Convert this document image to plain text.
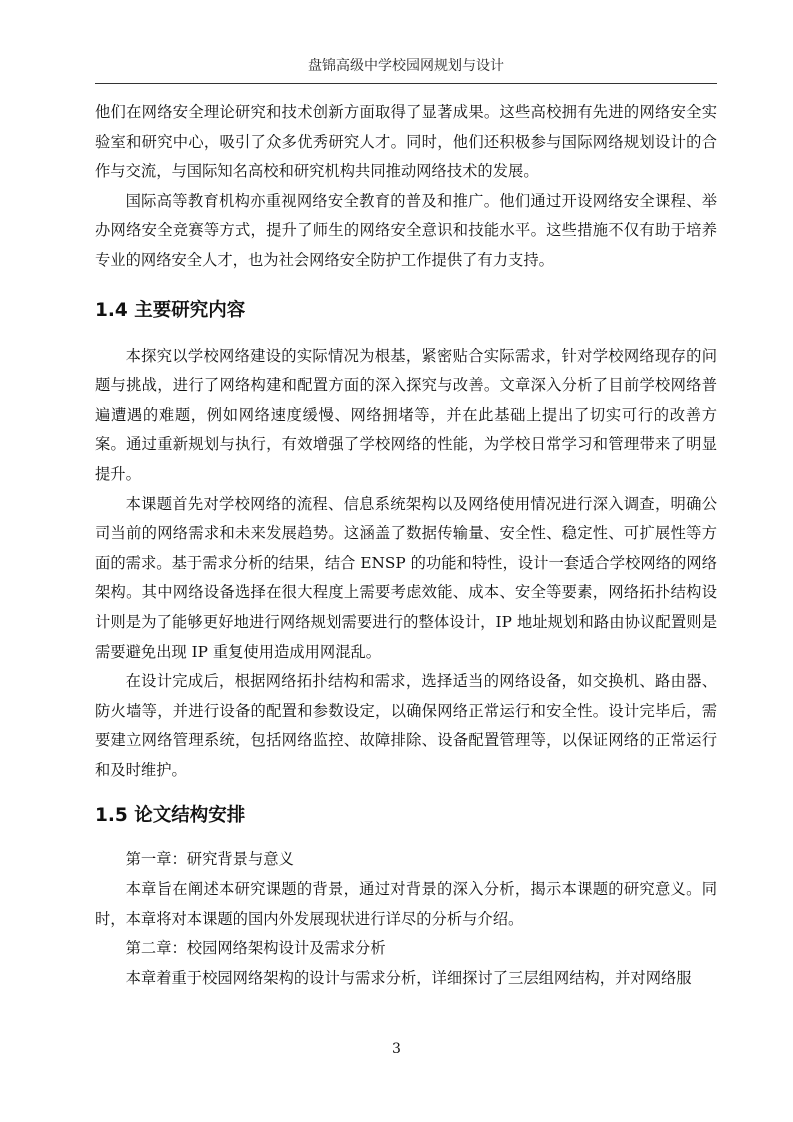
盘锦高级中学校园网规划与设计

他们在网络安全理论研究和技术创新方面取得了显著成果。这些高校拥有先进的网络安全实验室和研究中心，吸引了众多优秀研究人才。同时，他们还积极参与国际网络规划设计的合作与交流，与国际知名高校和研究机构共同推动网络技术的发展。

国际高等教育机构亦重视网络安全教育的普及和推广。他们通过开设网络安全课程、举办网络安全竞赛等方式，提升了师生的网络安全意识和技能水平。这些措施不仅有助于培养专业的网络安全人才，也为社会网络安全防护工作提供了有力支持。

1.4 主要研究内容

本探究以学校网络建设的实际情况为根基，紧密贴合实际需求，针对学校网络现存的问题与挑战，进行了网络构建和配置方面的深入探究与改善。文章深入分析了目前学校网络普遍遭遇的难题，例如网络速度缓慢、网络拥堵等，并在此基础上提出了切实可行的改善方案。通过重新规划与执行，有效增强了学校网络的性能，为学校日常学习和管理带来了明显提升。

本课题首先对学校网络的流程、信息系统架构以及网络使用情况进行深入调查，明确公司当前的网络需求和未来发展趋势。这涵盖了数据传输量、安全性、稳定性、可扩展性等方面的需求。基于需求分析的结果，结合 ENSP 的功能和特性，设计一套适合学校网络的网络架构。其中网络设备选择在很大程度上需要考虑效能、成本、安全等要素，网络拓扑结构设计则是为了能够更好地进行网络规划需要进行的整体设计，IP 地址规划和路由协议配置则是需要避免出现 IP 重复使用造成用网混乱。

在设计完成后，根据网络拓扑结构和需求，选择适当的网络设备，如交换机、路由器、防火墙等，并进行设备的配置和参数设定，以确保网络正常运行和安全性。设计完毕后，需要建立网络管理系统，包括网络监控、故障排除、设备配置管理等，以保证网络的正常运行和及时维护。

1.5 论文结构安排

第一章：研究背景与意义

本章旨在阐述本研究课题的背景，通过对背景的深入分析，揭示本课题的研究意义。同时，本章将对本课题的国内外发展现状进行详尽的分析与介绍。

第二章：校园网络架构设计及需求分析

本章着重于校园网络架构的设计与需求分析，详细探讨了三层组网结构，并对网络服

3
